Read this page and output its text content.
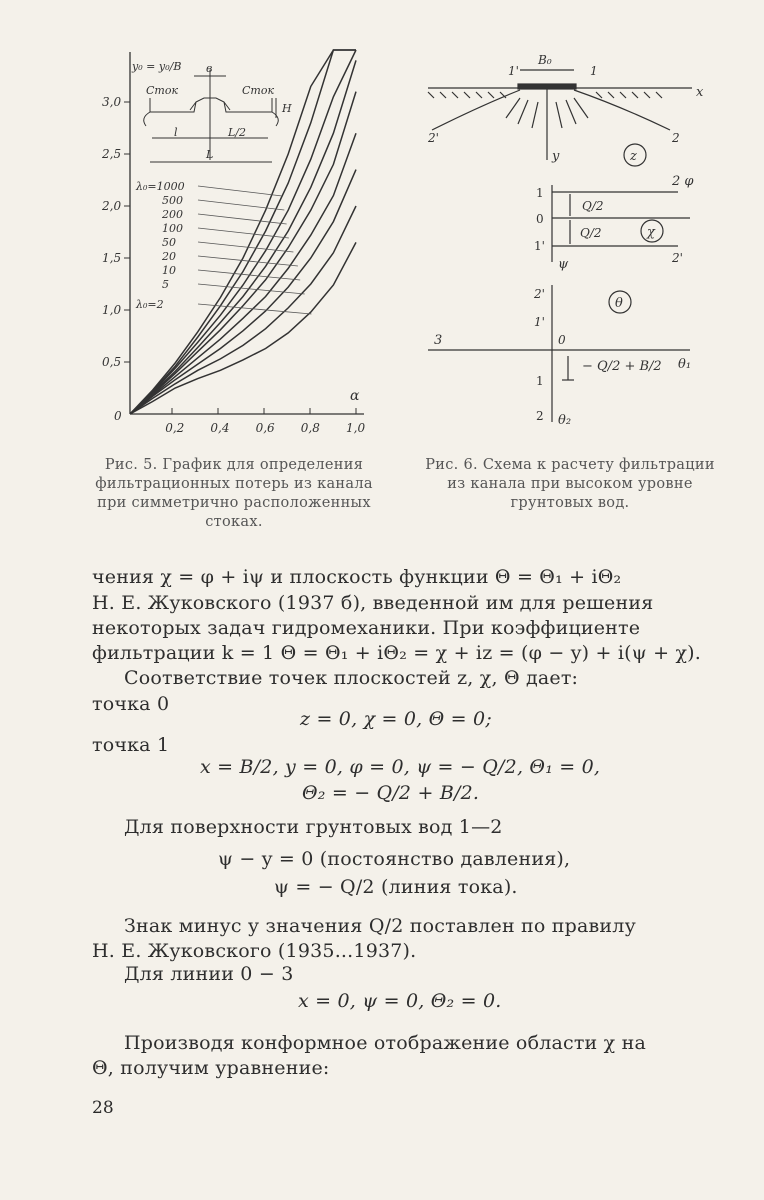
0,5
1,0
1,5
2,0
2,5
3,0
0,2 0,4 0,6 0,8 1,0
0
y₀ = у₀/B
α
Сток	Сток
в
H
l	L/2
L
λ₀=1000
500
200
100
50
20
10
5
λ₀=2
1'
B₀
1
x
y
2'	2
z
1
0
1'
Q/2
Q/2
2 φ
ψ	2'
χ
2'
1'
0
3
1
2
θ₁
θ₂
− Q/2 + B/2
θ
Рис. 5. График для определения фильтрационных потерь из канала при симметрично расположенных стоках.
Рис. 6. Схема к расчету фильтрации из канала при высоком уровне грунтовых вод.
чения χ = φ + iψ и плоскость функции Θ = Θ₁ + iΘ₂
Н. Е. Жуковского (1937 б), введенной им для решения
некоторых задач гидромеханики. При коэффициенте
фильтрации k = 1 Θ = Θ₁ + iΘ₂ = χ + iz = (φ − y) + i(ψ + χ).
Соответствие точек плоскостей z, χ, Θ дает:
точка 0
z = 0, χ = 0, Θ = 0;
точка 1
x = B/2, y = 0, φ = 0, ψ = − Q/2, Θ₁ = 0,
Θ₂ = − Q/2 + B/2.
Для поверхности грунтовых вод 1—2
ψ − y = 0 (постоянство давления),
ψ = − Q/2 (линия тока).
Знак минус у значения Q/2 поставлен по правилу
Н. Е. Жуковского (1935...1937).
Для линии 0 − 3
x = 0, ψ = 0, Θ₂ = 0.
Производя конформное отображение области χ на
Θ, получим уравнение:
28
